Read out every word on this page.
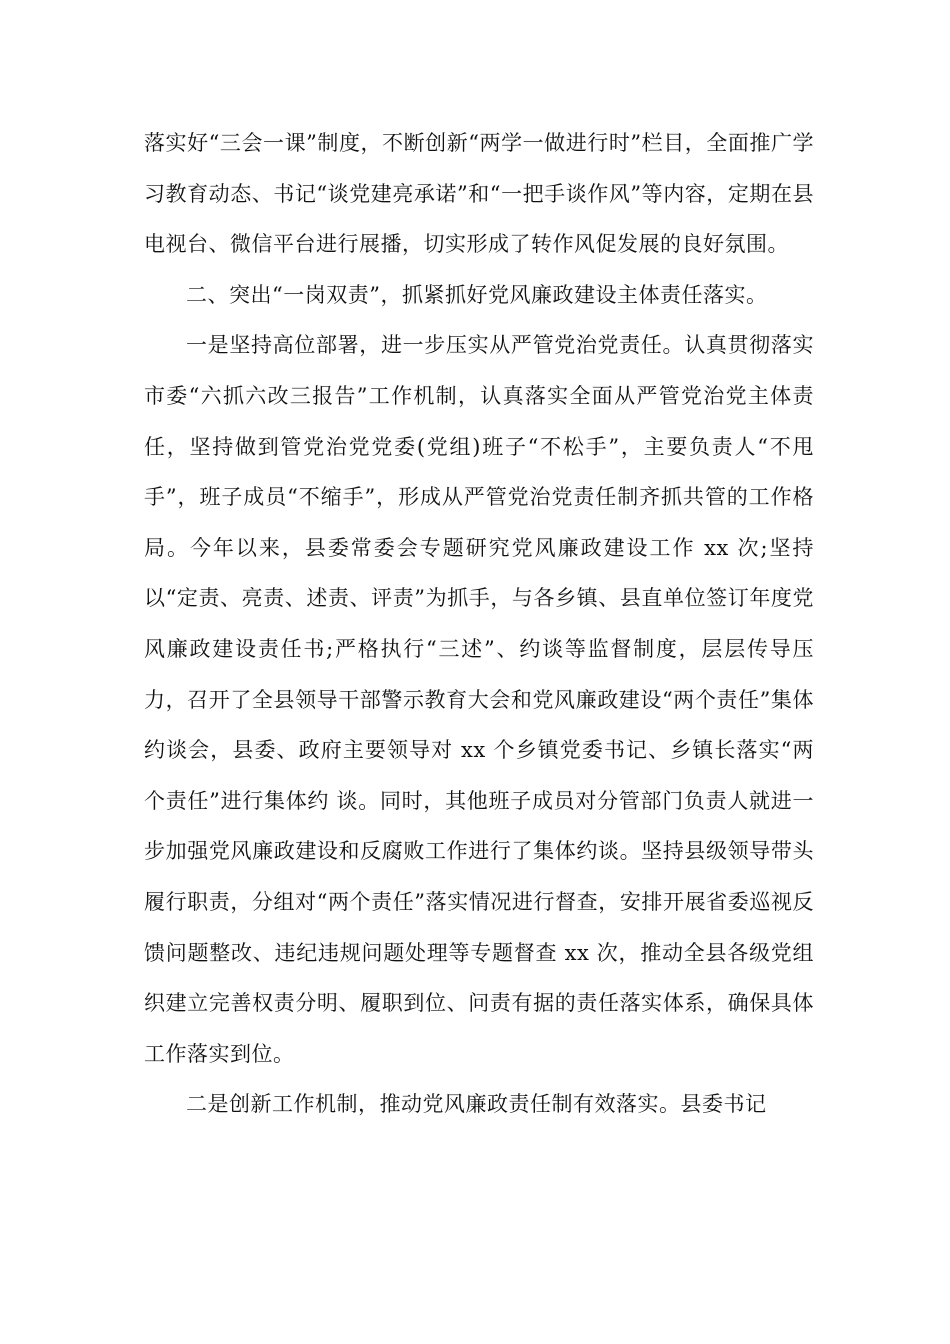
落实好“三会一课”制度，不断创新“两学一做进行时”栏目，全面推广学习教育动态、书记“谈党建亮承诺”和“一把手谈作风”等内容，定期在县电视台、微信平台进行展播，切实形成了转作风促发展的良好氛围。

二、突出“一岗双责”，抓紧抓好党风廉政建设主体责任落实。

一是坚持高位部署，进一步压实从严管党治党责任。认真贯彻落实市委“六抓六改三报告”工作机制，认真落实全面从严管党治党主体责任，坚持做到管党治党党委(党组)班子“不松手”，主要负责人“不甩手”，班子成员“不缩手”，形成从严管党治党责任制齐抓共管的工作格局。今年以来，县委常委会专题研究党风廉政建设工作 xx 次;坚持以“定责、亮责、述责、评责”为抓手，与各乡镇、县直单位签订年度党风廉政建设责任书;严格执行“三述”、约谈等监督制度，层层传导压力，召开了全县领导干部警示教育大会和党风廉政建设“两个责任”集体约谈会，县委、政府主要领导对 xx 个乡镇党委书记、乡镇长落实“两个责任”进行集体约 谈。同时，其他班子成员对分管部门负责人就进一步加强党风廉政建设和反腐败工作进行了集体约谈。坚持县级领导带头履行职责，分组对“两个责任”落实情况进行督查，安排开展省委巡视反馈问题整改、违纪违规问题处理等专题督查 xx 次，推动全县各级党组织建立完善权责分明、履职到位、问责有据的责任落实体系，确保具体工作落实到位。

二是创新工作机制，推动党风廉政责任制有效落实。县委书记
